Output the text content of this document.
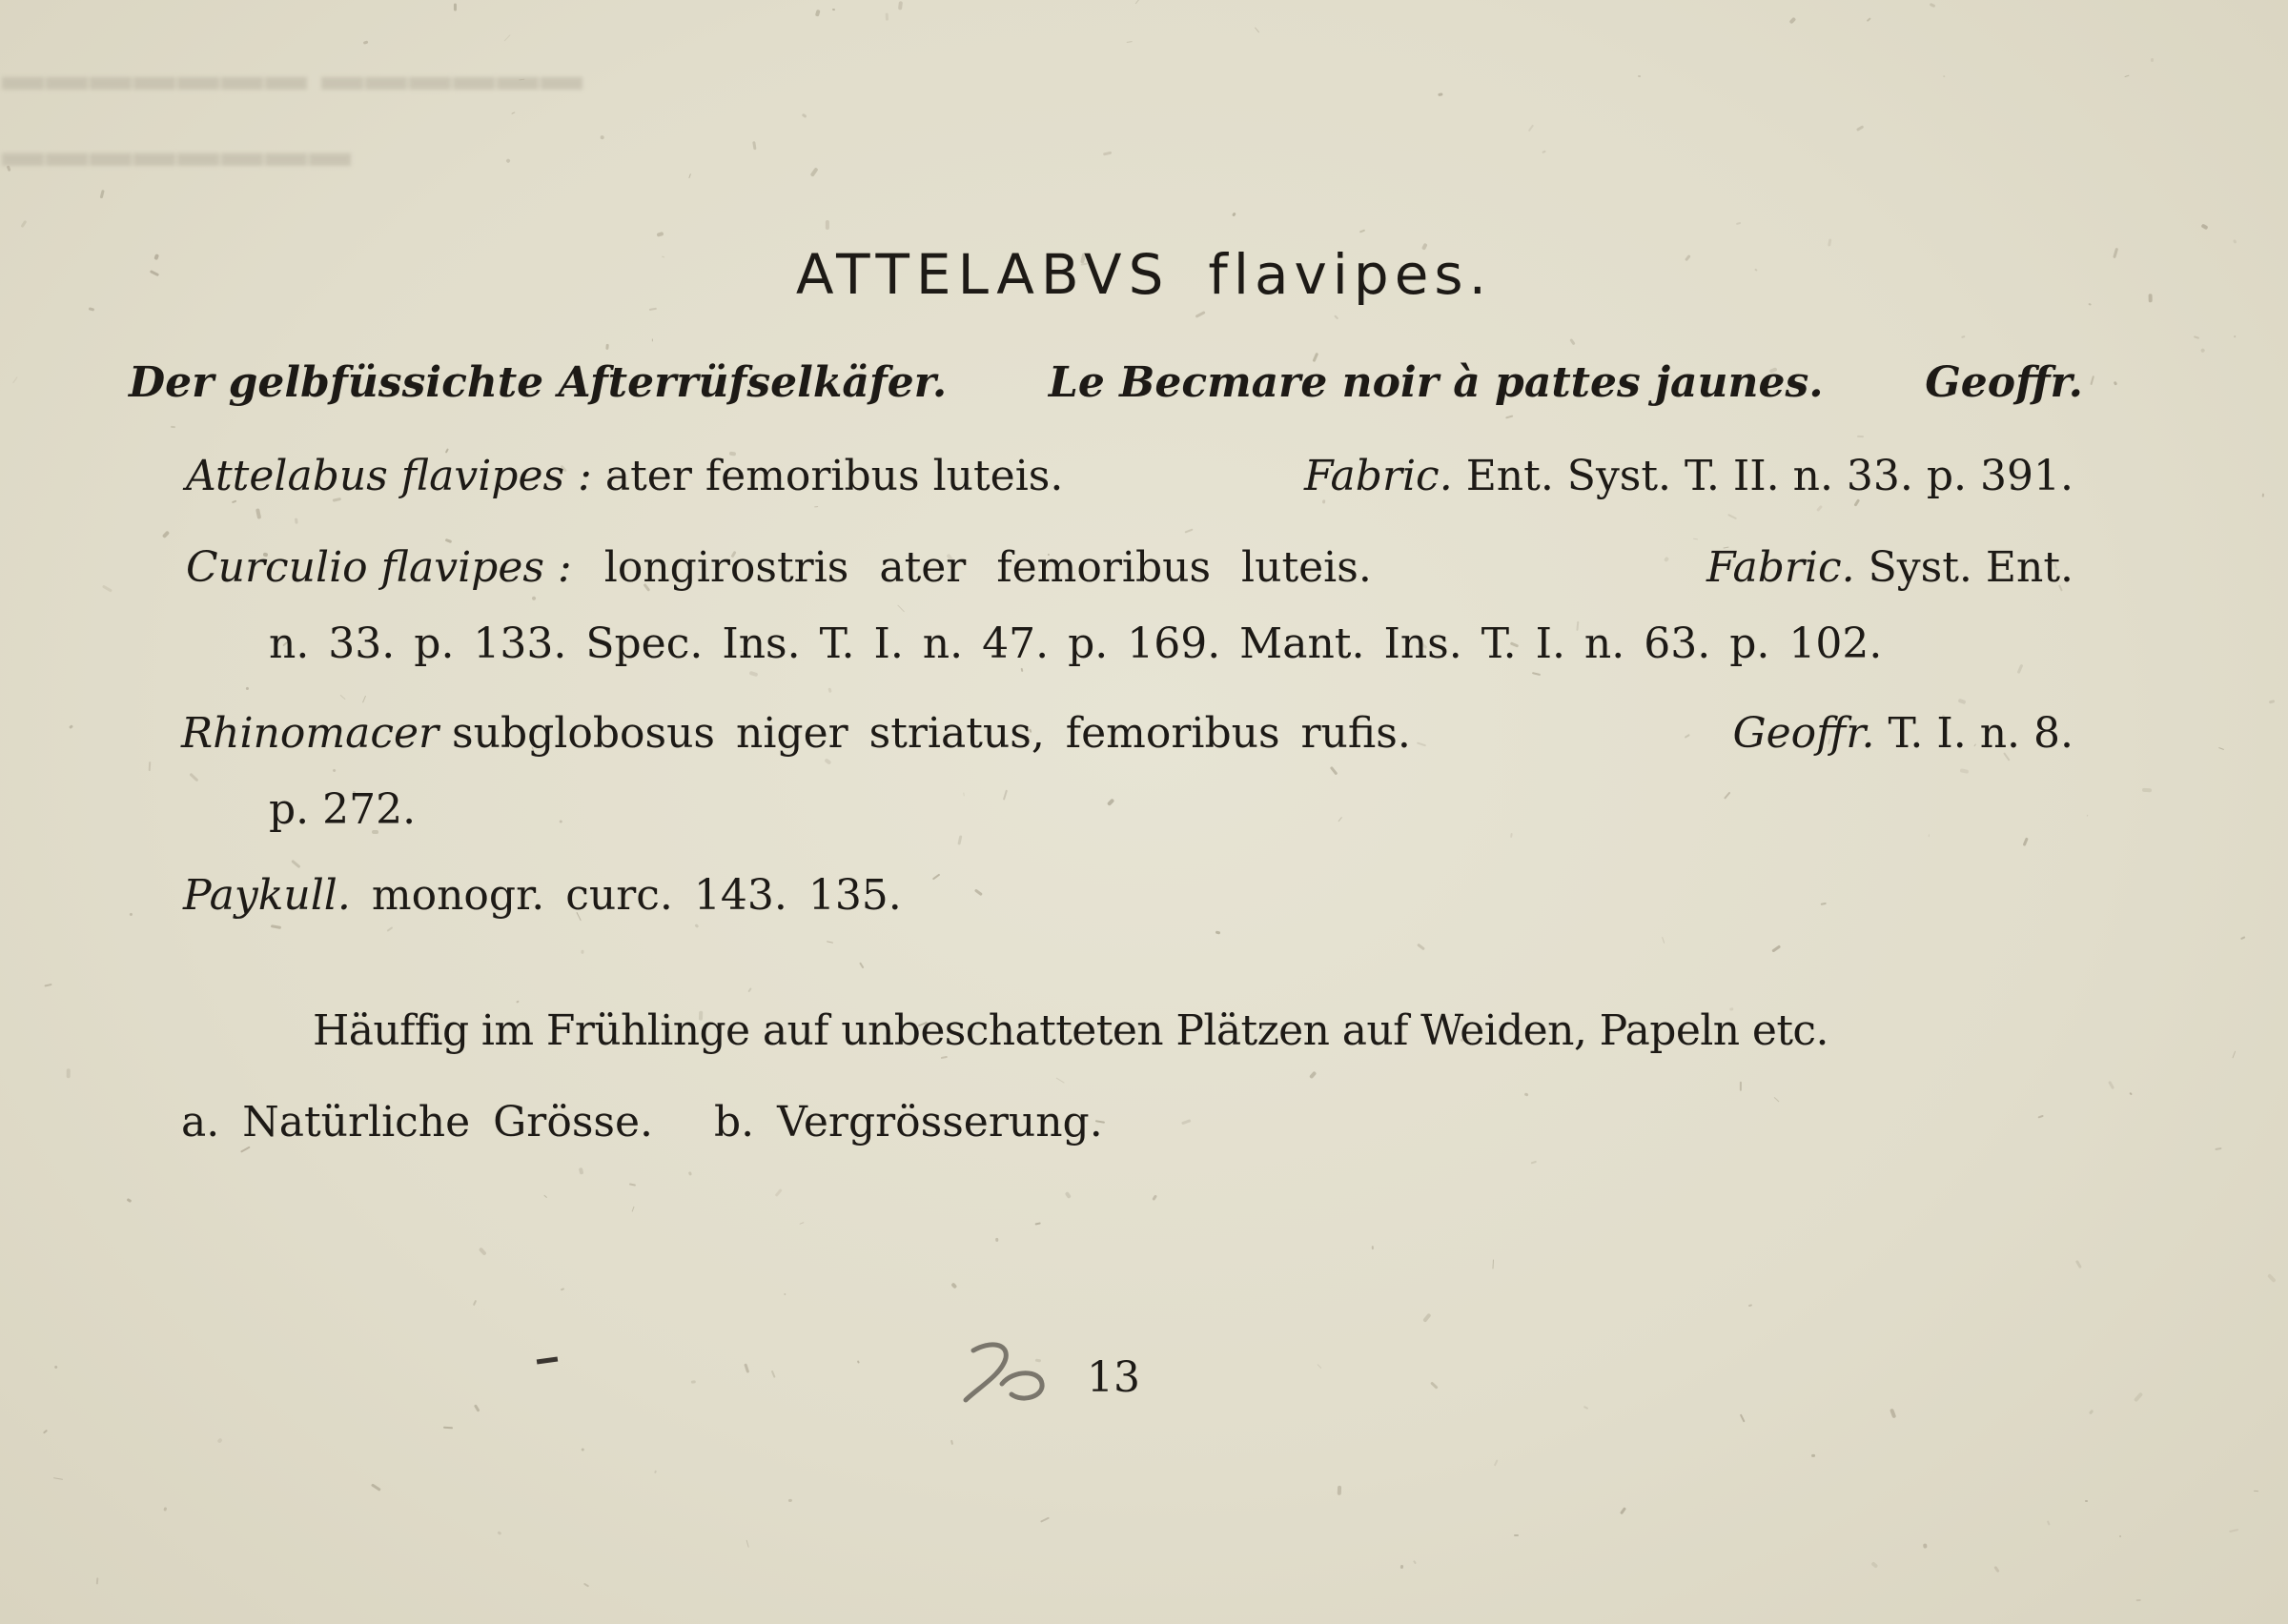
▬▬▬▬▬▬ ▬▬▬▬▬▬▬
▬▬▬▬▬▬▬▬
ATTELABVS flavipes.
Der gelbfüssichte Afterrüfselkäfer. Le Becmare noir à pattes jaunes. Geoffr.
Attelabus flavipes : ater femoribus luteis.	Fabric. Ent. Syst. T. II. n. 33. p. 391.
Curculio flavipes : longirostris ater femoribus luteis.	Fabric. Syst. Ent.
n. 33. p. 133. Spec. Ins. T. I. n. 47. p. 169. Mant. Ins. T. I. n. 63. p. 102.
Rhinomacer subglobosus niger striatus, femoribus rufis.	Geoffr. T. I. n. 8.
p. 272.
Paykull. monogr. curc. 143. 135.
Häuffig im Frühlinge auf unbeschatteten Plätzen auf Weiden, Papeln etc.
a. Natürliche Grösse. b. Vergrösserung.
13
